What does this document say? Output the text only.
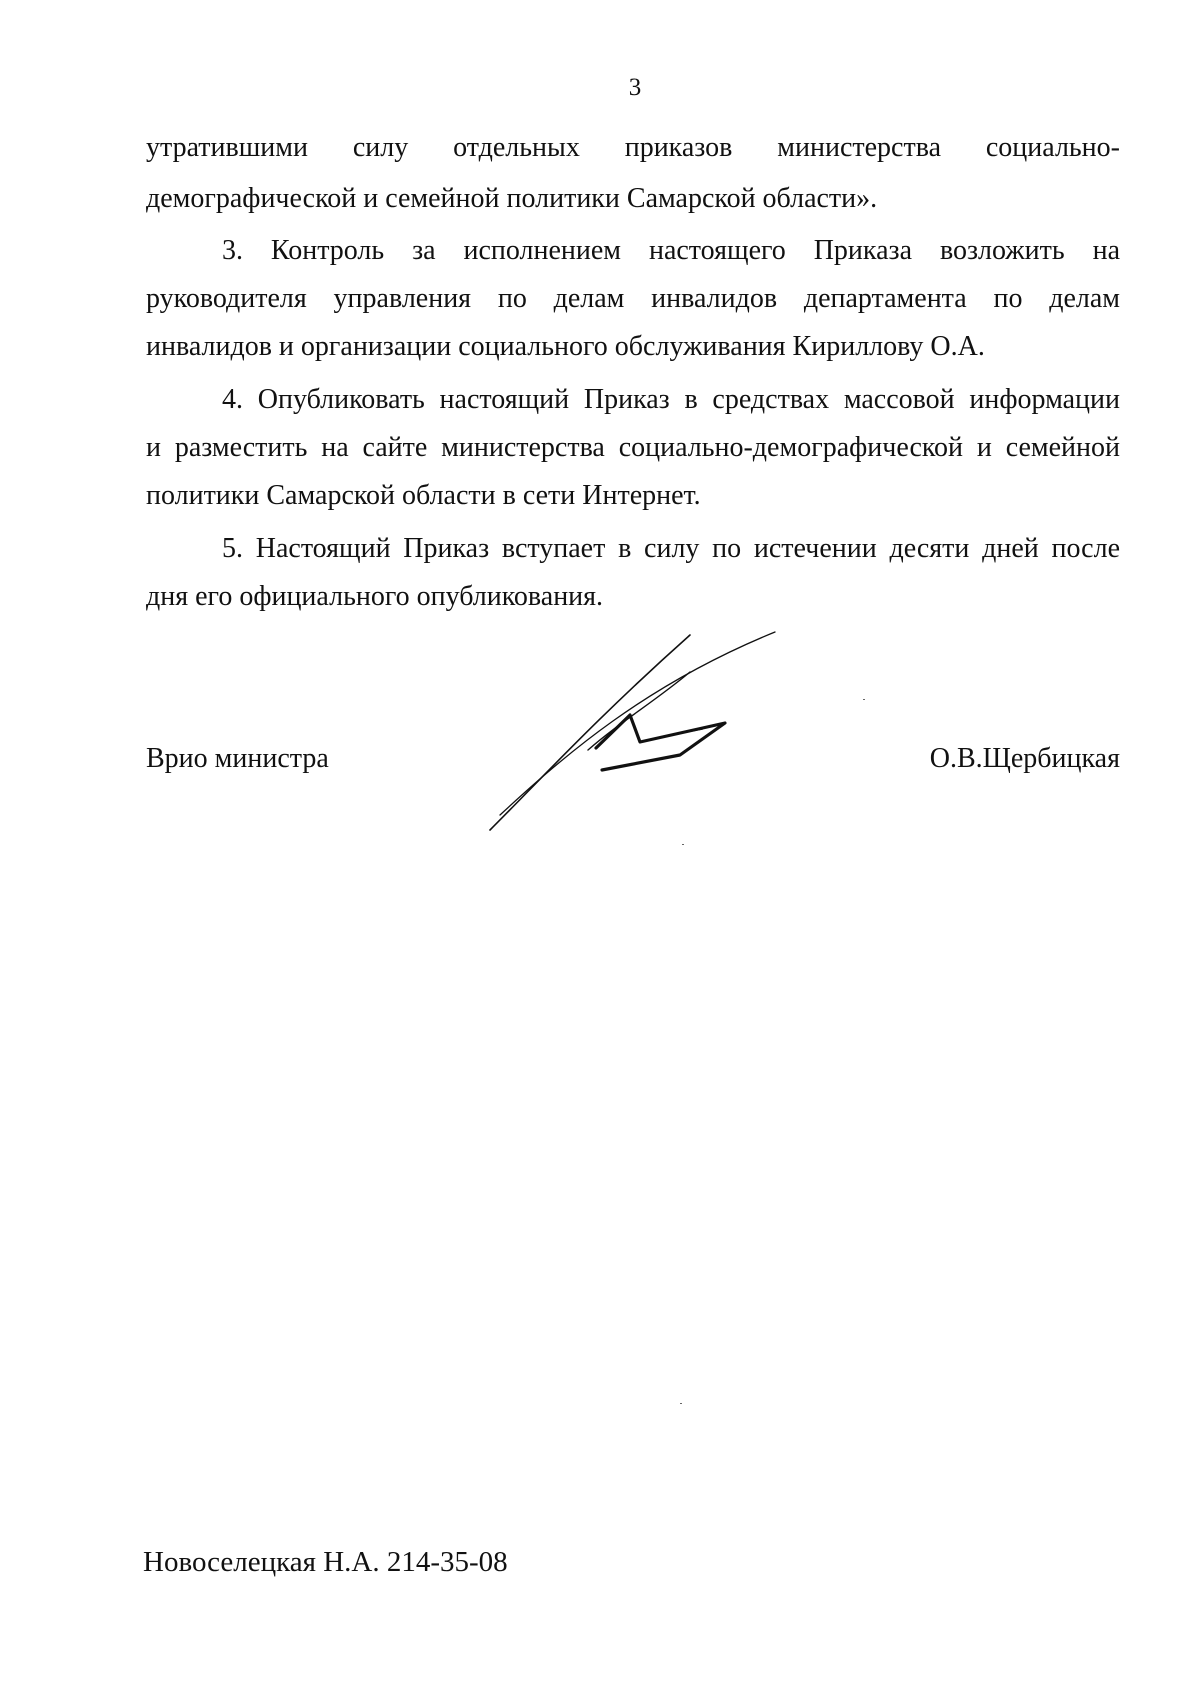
3
утратившими силу отдельных приказов министерства социально-
демографической и семейной политики Самарской области».
3. Контроль за исполнением настоящего Приказа возложить на
руководителя управления по делам инвалидов департамента по делам
инвалидов и организации социального обслуживания Кириллову О.А.
4. Опубликовать настоящий Приказ в средствах массовой информации
и разместить на сайте министерства социально-демографической и семейной
политики Самарской области в сети Интернет.
5. Настоящий Приказ вступает в силу по истечении десяти дней после
дня его официального опубликования.
Врио министра	О.В.Щербицкая
Новоселецкая Н.А. 214-35-08
